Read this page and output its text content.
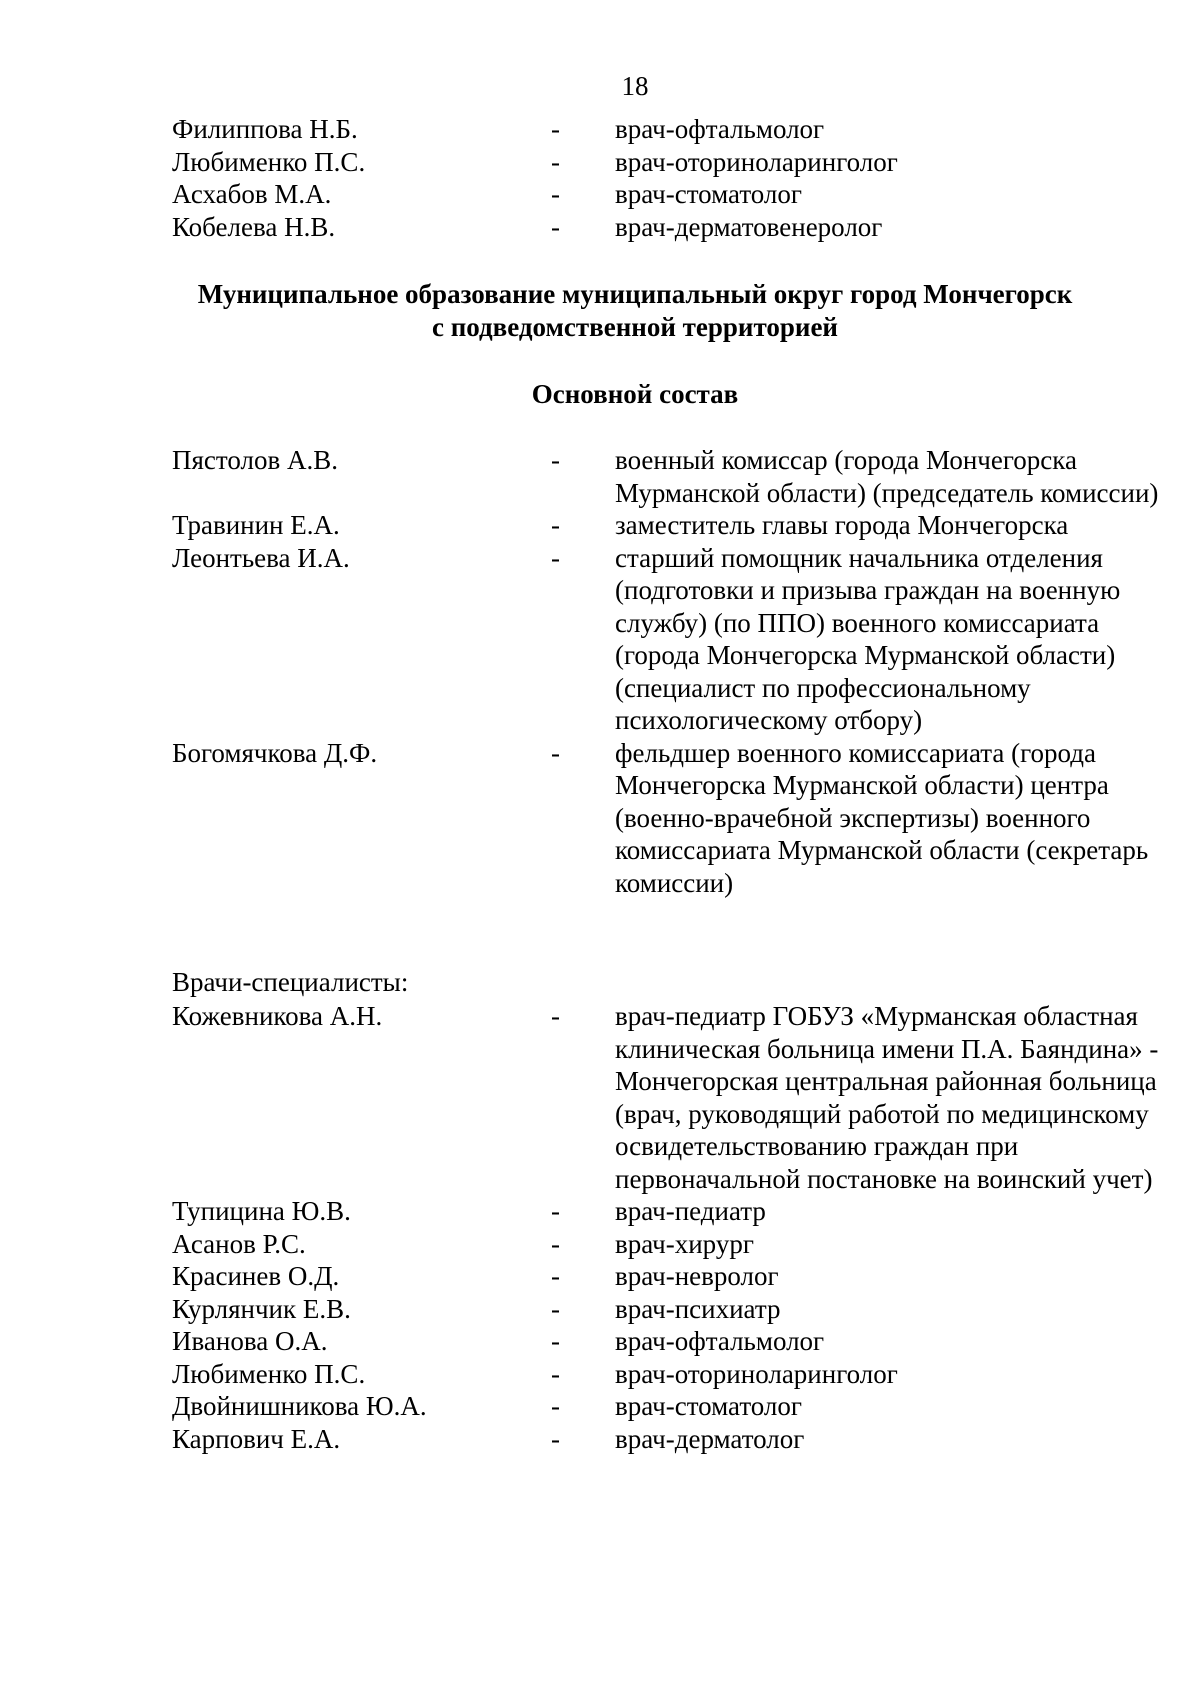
18
Филиппова Н.Б.	- врач-офтальмолог
Любименко П.С.	- врач-оториноларинголог
Асхабов М.А.	- врач-стоматолог
Кобелева Н.В.	- врач-дерматовенеролог
Муниципальное образование муниципальный округ город Мончегорск
с подведомственной территорией
Основной состав
Пястолов А.В.	- военный комиссар (города Мончегорска Мурманской области) (председатель комиссии)
Травинин Е.А.	- заместитель главы города Мончегорска
Леонтьева И.А.	- старший помощник начальника отделения (подготовки и призыва граждан на военную службу) (по ППО) военного комиссариата (города Мончегорска Мурманской области) (специалист по профессиональному психологическому отбору)
Богомячкова Д.Ф.	- фельдшер военного комиссариата (города Мончегорска Мурманской области) центра (военно-врачебной экспертизы) военного комиссариата Мурманской области (секретарь комиссии)
Врачи-специалисты:
Кожевникова А.Н.	- врач-педиатр ГОБУЗ «Мурманская областная клиническая больница имени П.А. Баяндина» - Мончегорская центральная районная больница (врач, руководящий работой по медицинскому освидетельствованию граждан при первоначальной постановке на воинский учет)
Тупицина Ю.В.	- врач-педиатр
Асанов Р.С.	- врач-хирург
Красинев О.Д.	- врач-невролог
Курлянчик Е.В.	- врач-психиатр
Иванова О.А.	- врач-офтальмолог
Любименко П.С.	- врач-оториноларинголог
Двойнишникова Ю.А.	- врач-стоматолог
Карпович Е.А.	- врач-дерматолог
